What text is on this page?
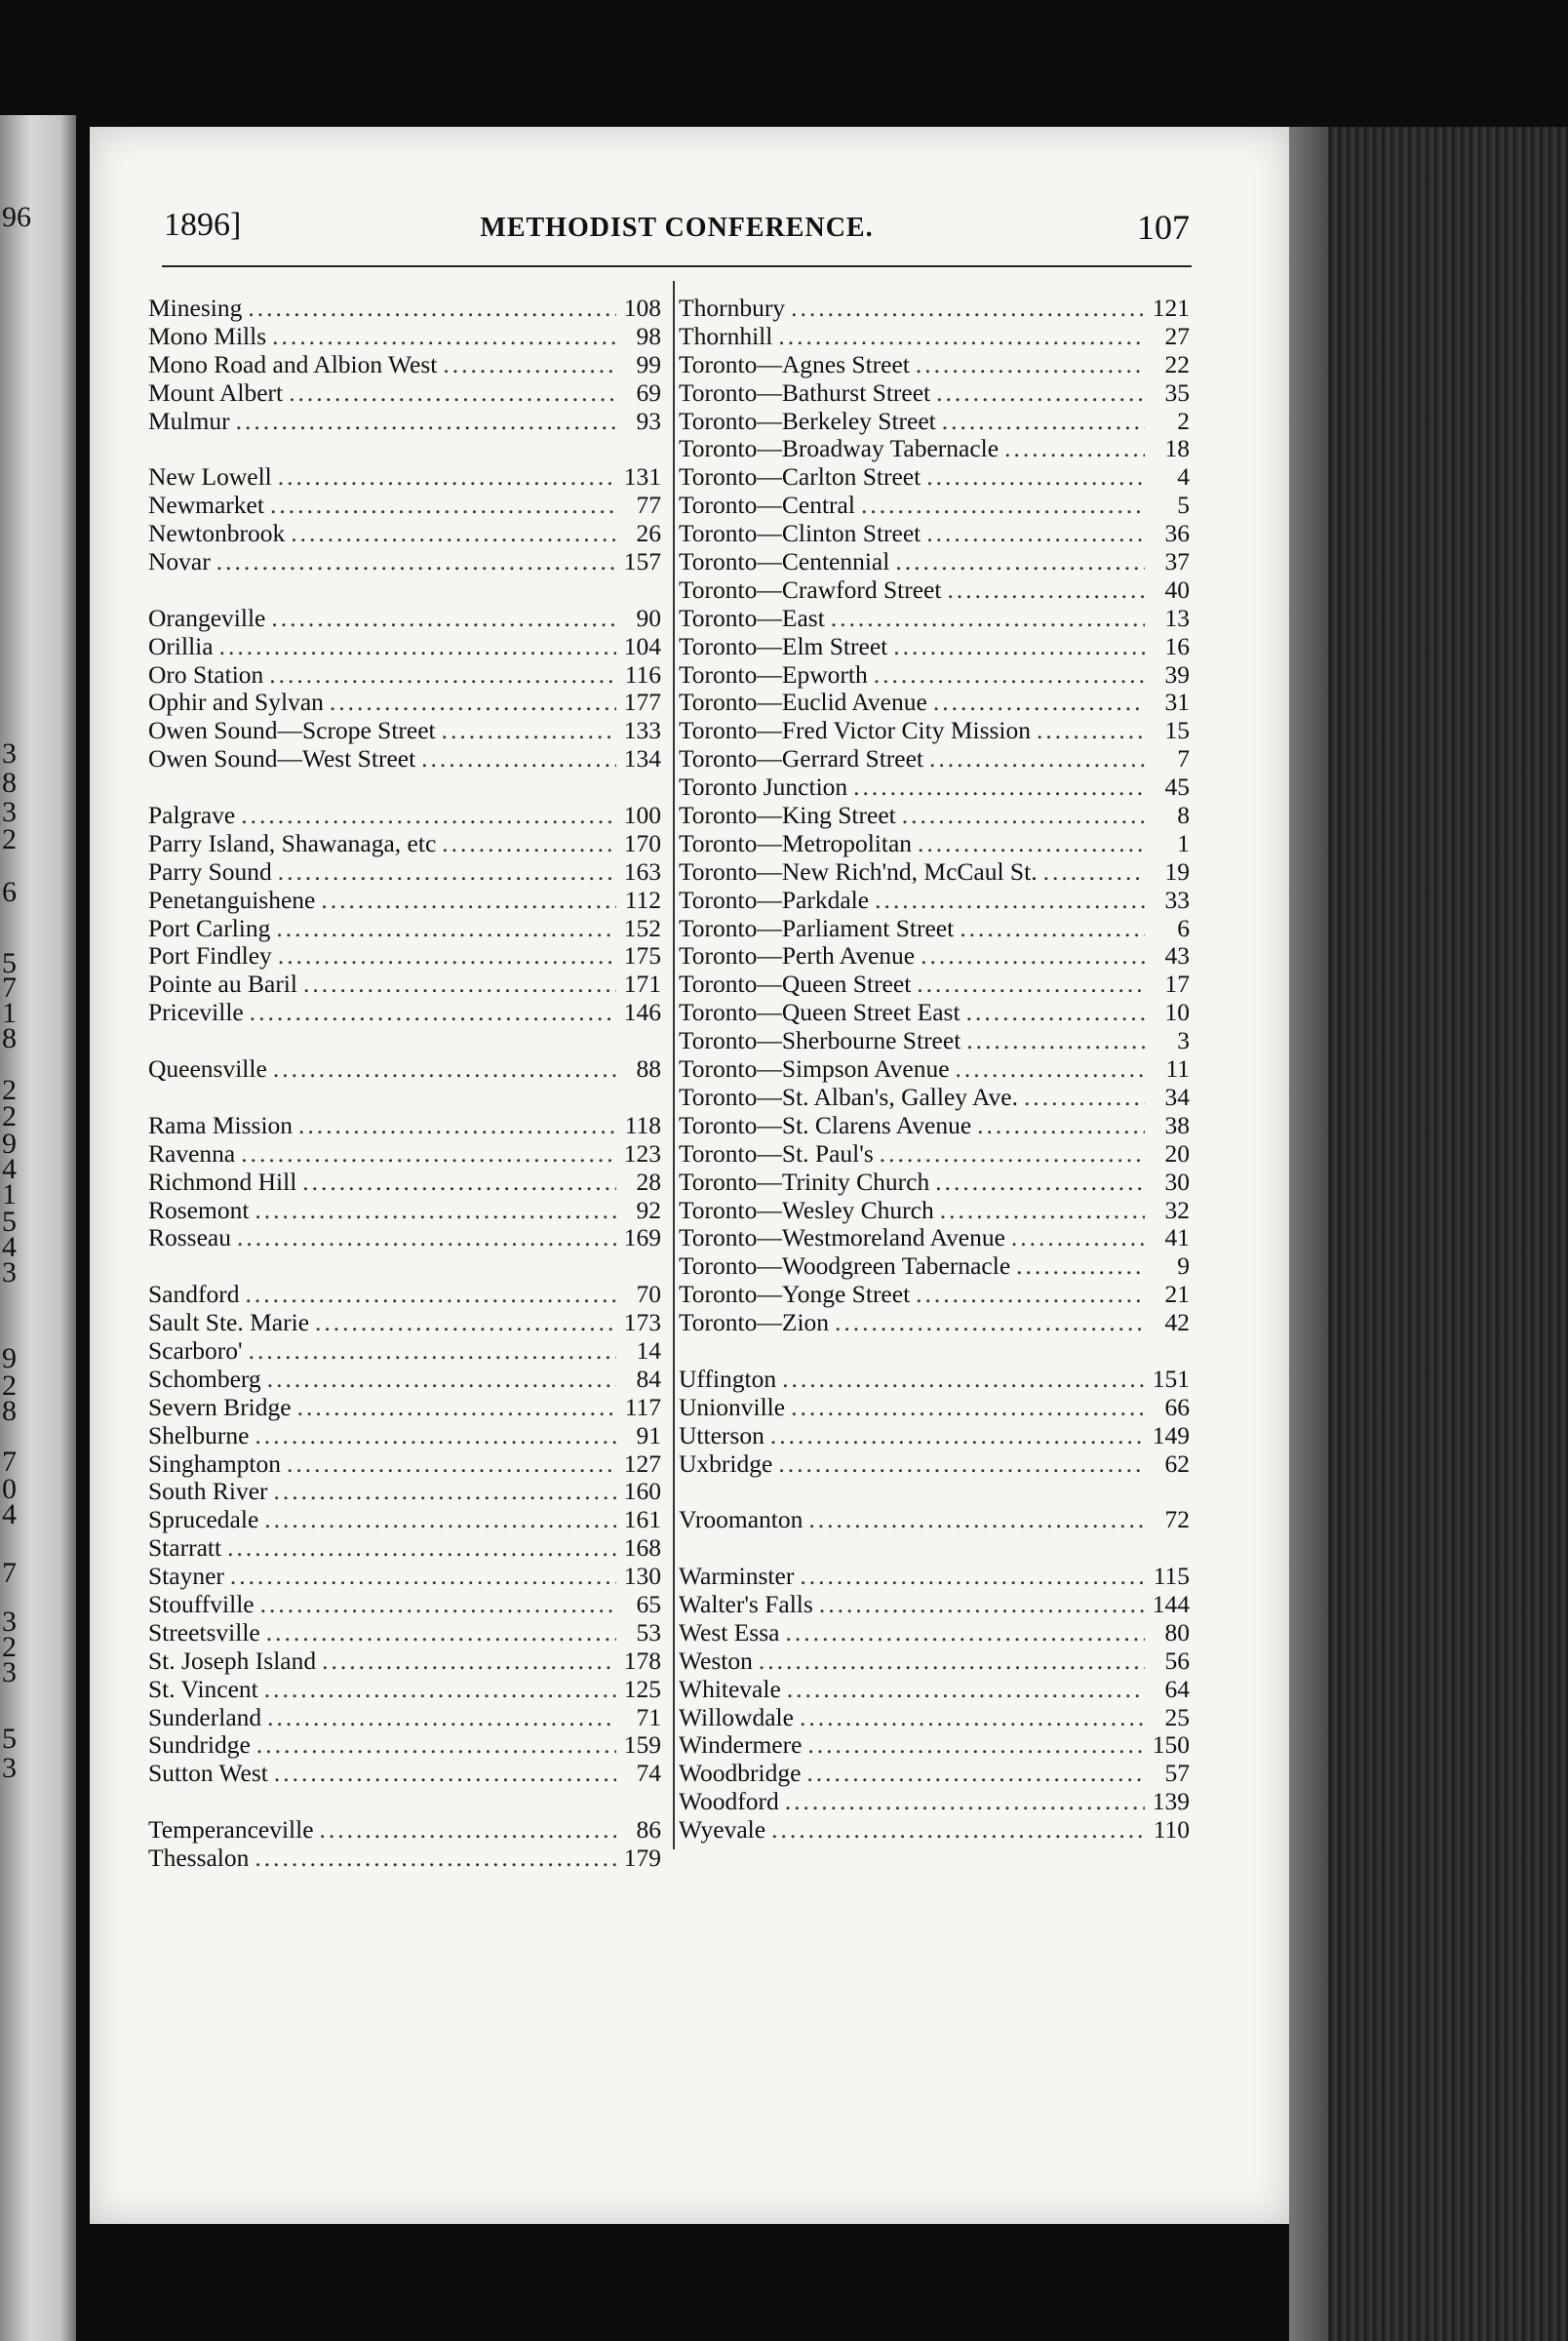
96
3
8
3
2
6
5
7
1
8
2
2
9
4
1
5
4
3
9
2
8
7
0
4
7
3
2
3
5
3
1896]	METHODIST CONFERENCE.	107
Minesing .....	108
Mono Mills .....	98
Mono Road and Albion West .....	99
Mount Albert .....	69
Mulmur .....	93
New Lowell .....	131
Newmarket .....	77
Newtonbrook .....	26
Novar .....	157
Orangeville .....	90
Orillia .....	104
Oro Station .....	116
Ophir and Sylvan .....	177
Owen Sound—Scrope Street .....	133
Owen Sound—West Street .....	134
Palgrave .....	100
Parry Island, Shawanaga, etc .....	170
Parry Sound .....	163
Penetanguishene .....	112
Port Carling .....	152
Port Findley .....	175
Pointe au Baril .....	171
Priceville .....	146
Queensville .....	88
Rama Mission .....	118
Ravenna .....	123
Richmond Hill .....	28
Rosemont .....	92
Rosseau .....	169
Sandford .....	70
Sault Ste. Marie .....	173
Scarboro' .....	14
Schomberg .....	84
Severn Bridge .....	117
Shelburne .....	91
Singhampton .....	127
South River .....	160
Sprucedale .....	161
Starratt .....	168
Stayner .....	130
Stouffville .....	65
Streetsville .....	53
St. Joseph Island .....	178
St. Vincent .....	125
Sunderland .....	71
Sundridge .....	159
Sutton West .....	74
Temperanceville .....	86
Thessalon .....	179
Thornbury .....	121
Thornhill .....	27
Toronto—Agnes Street .....	22
Toronto—Bathurst Street .....	35
Toronto—Berkeley Street .....	2
Toronto—Broadway Tabernacle .....	18
Toronto—Carlton Street .....	4
Toronto—Central .....	5
Toronto—Clinton Street .....	36
Toronto—Centennial .....	37
Toronto—Crawford Street .....	40
Toronto—East .....	13
Toronto—Elm Street .....	16
Toronto—Epworth .....	39
Toronto—Euclid Avenue .....	31
Toronto—Fred Victor City Mission .....	15
Toronto—Gerrard Street .....	7
Toronto Junction .....	45
Toronto—King Street .....	8
Toronto—Metropolitan .....	1
Toronto—New Rich'nd, McCaul St. .....	19
Toronto—Parkdale .....	33
Toronto—Parliament Street .....	6
Toronto—Perth Avenue .....	43
Toronto—Queen Street .....	17
Toronto—Queen Street East .....	10
Toronto—Sherbourne Street .....	3
Toronto—Simpson Avenue .....	11
Toronto—St. Alban's, Galley Ave. .....	34
Toronto—St. Clarens Avenue .....	38
Toronto—St. Paul's .....	20
Toronto—Trinity Church .....	30
Toronto—Wesley Church .....	32
Toronto—Westmoreland Avenue .....	41
Toronto—Woodgreen Tabernacle .....	9
Toronto—Yonge Street .....	21
Toronto—Zion .....	42
Uffington .....	151
Unionville .....	66
Utterson .....	149
Uxbridge .....	62
Vroomanton .....	72
Warminster .....	115
Walter's Falls .....	144
West Essa .....	80
Weston .....	56
Whitevale .....	64
Willowdale .....	25
Windermere .....	150
Woodbridge .....	57
Woodford .....	139
Wyevale .....	110
